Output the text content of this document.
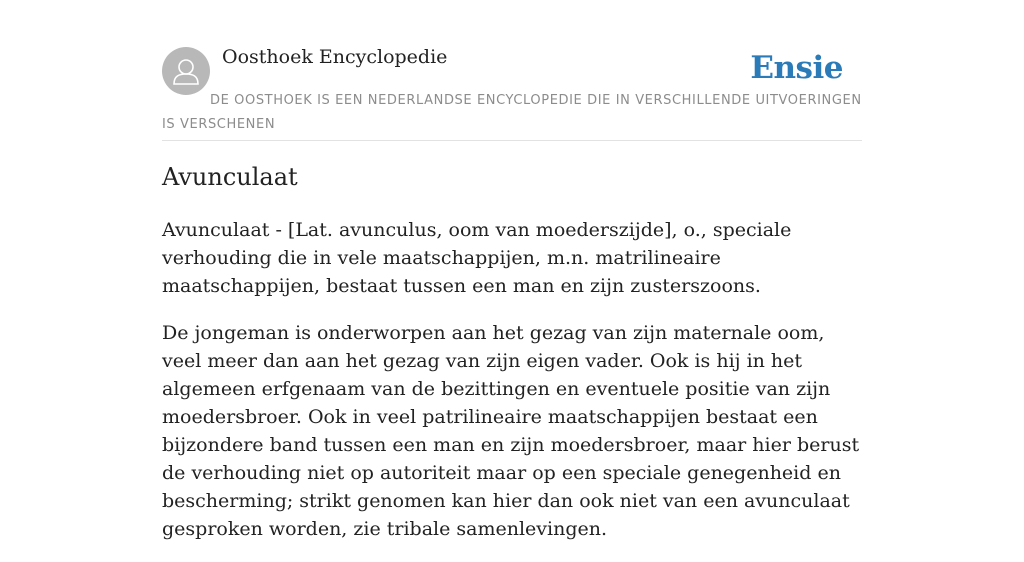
Oosthoek Encyclopedie	Ensie
DE OOSTHOEK IS EEN NEDERLANDSE ENCYCLOPEDIE DIE IN VERSCHILLENDE UITVOERINGEN IS VERSCHENEN
Avunculaat

Avunculaat - [Lat. avunculus, oom van moederszijde], o., speciale verhouding die in vele maatschappijen, m.n. matrilineaire maatschappijen, bestaat tussen een man en zijn zusterszoons.

De jongeman is onderworpen aan het gezag van zijn maternale oom, veel meer dan aan het gezag van zijn eigen vader. Ook is hij in het algemeen erfgenaam van de bezittingen en eventuele positie van zijn moedersbroer. Ook in veel patrilineaire maatschappijen bestaat een bijzondere band tussen een man en zijn moedersbroer, maar hier berust de verhouding niet op autoriteit maar op een speciale genegenheid en bescherming; strikt genomen kan hier dan ook niet van een avunculaat gesproken worden, zie tribale samenlevingen.
